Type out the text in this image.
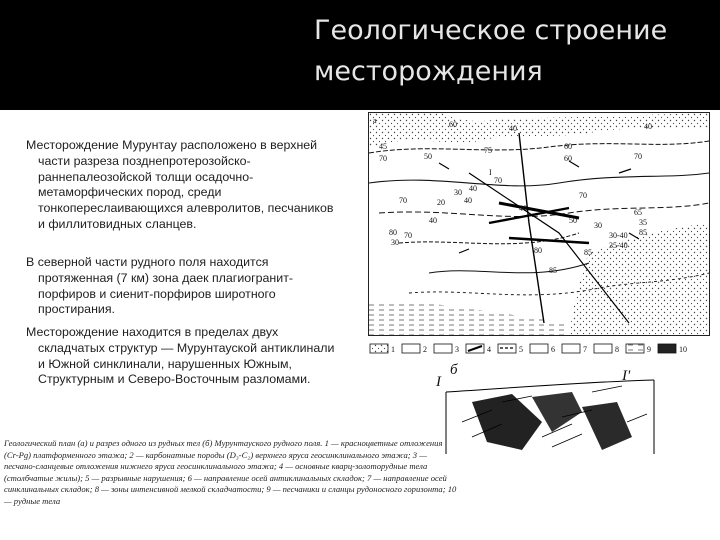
Геологическое строение месторождения

Месторождение Мурунтау расположено в верхней части разреза позднепротерозойско-раннепалеозойской толщи осадочно-метаморфических пород, среди тонкопереслаивающихся алевролитов, песчаников и филлитовидных сланцев.

В северной части рудного поля находится протяженная (7 км) зона даек плагиогранит-порфиров и сиенит-порфиров широтного простирания.

Месторождение находится в пределах двух складчатых структур — Мурунтауской антиклинали и Южной синклинали, нарушенных Южным, Структурным и Северо-Восточным разломами.

а	60	40	40
45
70
75	60
50	60	70
70
70
70
30 40
20 40
40
50
I
40
30
80
30
35
85
65
30-40
35-40
70
80
85
85
1	2	3	4	5	6	7	8	9	10
б
I	I'
Геологический план (а) и разрез одного из рудных тел (б) Мурунтауского рудного поля. 1 — красноцветные отложения (Cr-Pg) платформенного этажа; 2 — карбонатные породы (D₃-C₂) верхнего яруса геосинклинального этажа; 3 — песчано-сланцевые отложения нижнего яруса геосинклинального этажа; 4 — основные кварц-золоторудные тела (столбчатые жилы); 5 — разрывные нарушения; 6 — направление осей антиклинальных складок; 7 — направление осей синклинальных складок; 8 — зоны интенсивной мелкой складчатости; 9 — песчаники и сланцы рудоносного горизонта; 10 — рудные тела
